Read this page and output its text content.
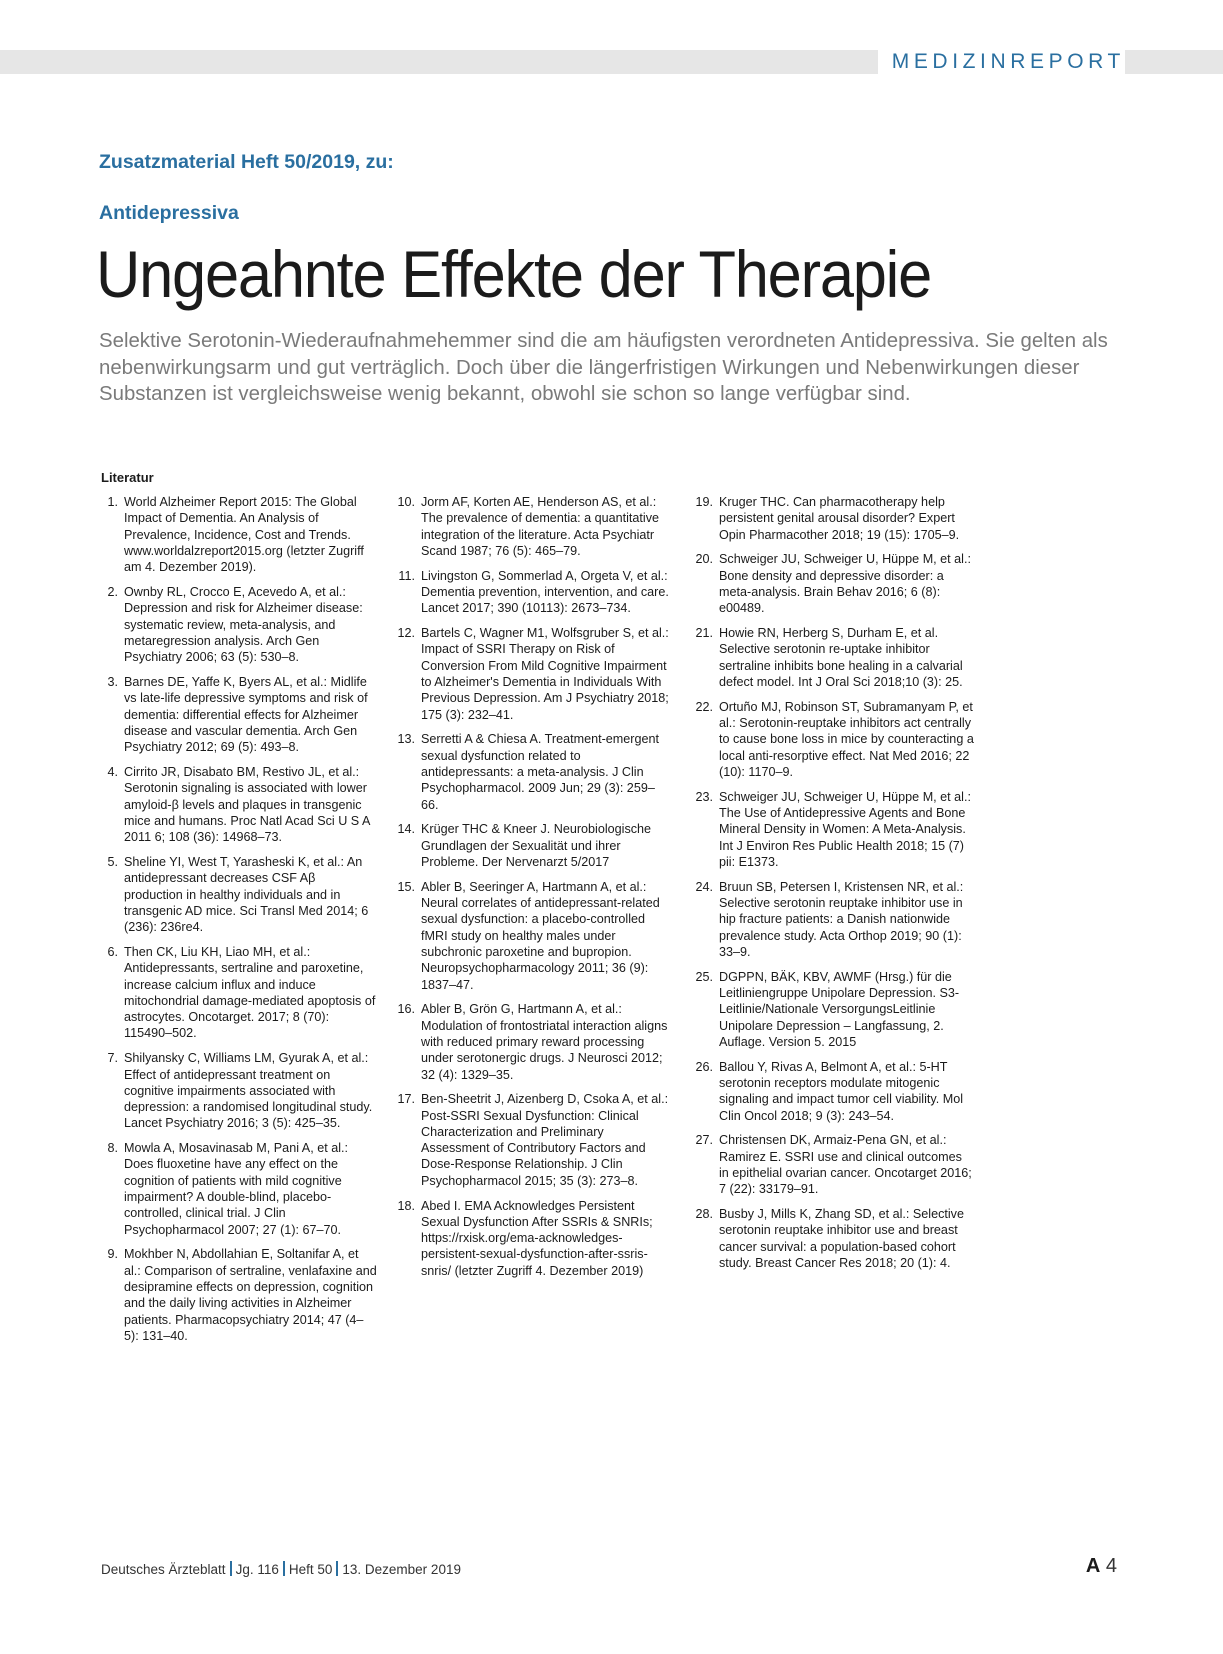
MEDIZINREPORT
Zusatzmaterial Heft 50/2019, zu:
Antidepressiva
Ungeahnte Effekte der Therapie
Selektive Serotonin-Wiederaufnahmehemmer sind die am häufigsten verordneten Antidepressiva. Sie gelten als nebenwirkungsarm und gut verträglich. Doch über die längerfristigen Wirkungen und Nebenwirkungen dieser Substanzen ist vergleichsweise wenig bekannt, obwohl sie schon so lange verfügbar sind.
Literatur
1. World Alzheimer Report 2015: The Global Impact of Dementia. An Analysis of Prevalence, Incidence, Cost and Trends. www.worldalzreport2015.org (letzter Zugriff am 4. Dezember 2019).
2. Ownby RL, Crocco E, Acevedo A, et al.: Depression and risk for Alzheimer disease: systematic review, meta-analysis, and metaregression analysis. Arch Gen Psychiatry 2006; 63 (5): 530–8.
3. Barnes DE, Yaffe K, Byers AL, et al.: Midlife vs late-life depressive symptoms and risk of dementia: differential effects for Alzheimer disease and vascular dementia. Arch Gen Psychiatry 2012; 69 (5): 493–8.
4. Cirrito JR, Disabato BM, Restivo JL, et al.: Serotonin signaling is associated with lower amyloid-β levels and plaques in transgenic mice and humans. Proc Natl Acad Sci U S A 2011 6; 108 (36): 14968–73.
5. Sheline YI, West T, Yarasheski K, et al.: An antidepressant decreases CSF Aβ production in healthy individuals and in transgenic AD mice. Sci Transl Med 2014; 6 (236): 236re4.
6. Then CK, Liu KH, Liao MH, et al.: Antidepressants, sertraline and paroxetine, increase calcium influx and induce mitochondrial damage-mediated apoptosis of astrocytes. Oncotarget. 2017; 8 (70): 115490–502.
7. Shilyansky C, Williams LM, Gyurak A, et al.: Effect of antidepressant treatment on cognitive impairments associated with depression: a randomised longitudinal study. Lancet Psychiatry 2016; 3 (5): 425–35.
8. Mowla A, Mosavinasab M, Pani A, et al.: Does fluoxetine have any effect on the cognition of patients with mild cognitive impairment? A double-blind, placebo-controlled, clinical trial. J Clin Psychopharmacol 2007; 27 (1): 67–70.
9. Mokhber N, Abdollahian E, Soltanifar A, et al.: Comparison of sertraline, venlafaxine and desipramine effects on depression, cognition and the daily living activities in Alzheimer patients. Pharmacopsychiatry 2014; 47 (4–5): 131–40.
10. Jorm AF, Korten AE, Henderson AS, et al.: The prevalence of dementia: a quantitative integration of the literature. Acta Psychiatr Scand 1987; 76 (5): 465–79.
11. Livingston G, Sommerlad A, Orgeta V, et al.: Dementia prevention, intervention, and care. Lancet 2017; 390 (10113): 2673–734.
12. Bartels C, Wagner M1, Wolfsgruber S, et al.: Impact of SSRI Therapy on Risk of Conversion From Mild Cognitive Impairment to Alzheimer's Dementia in Individuals With Previous Depression. Am J Psychiatry 2018; 175 (3): 232–41.
13. Serretti A & Chiesa A. Treatment-emergent sexual dysfunction related to antidepressants: a meta-analysis. J Clin Psychopharmacol. 2009 Jun; 29 (3): 259–66.
14. Krüger THC & Kneer J. Neurobiologische Grundlagen der Sexualität und ihrer Probleme. Der Nervenarzt 5/2017
15. Abler B, Seeringer A, Hartmann A, et al.: Neural correlates of antidepressant-related sexual dysfunction: a placebo-controlled fMRI study on healthy males under subchronic paroxetine and bupropion. Neuropsychopharmacology 2011; 36 (9): 1837–47.
16. Abler B, Grön G, Hartmann A, et al.: Modulation of frontostriatal interaction aligns with reduced primary reward processing under serotonergic drugs. J Neurosci 2012; 32 (4): 1329–35.
17. Ben-Sheetrit J, Aizenberg D, Csoka A, et al.: Post-SSRI Sexual Dysfunction: Clinical Characterization and Preliminary Assessment of Contributory Factors and Dose-Response Relationship. J Clin Psychopharmacol 2015; 35 (3): 273–8.
18. Abed I. EMA Acknowledges Persistent Sexual Dysfunction After SSRIs & SNRIs; https://rxisk.org/ema-acknowledges-persistent-sexual-dysfunction-after-ssris-snris/ (letzter Zugriff 4. Dezember 2019)
19. Kruger THC. Can pharmacotherapy help persistent genital arousal disorder? Expert Opin Pharmacother 2018; 19 (15): 1705–9.
20. Schweiger JU, Schweiger U, Hüppe M, et al.: Bone density and depressive disorder: a meta-analysis. Brain Behav 2016; 6 (8): e00489.
21. Howie RN, Herberg S, Durham E, et al. Selective serotonin re-uptake inhibitor sertraline inhibits bone healing in a calvarial defect model. Int J Oral Sci 2018;10 (3): 25.
22. Ortuño MJ, Robinson ST, Subramanyam P, et al.: Serotonin-reuptake inhibitors act centrally to cause bone loss in mice by counteracting a local anti-resorptive effect. Nat Med 2016; 22 (10): 1170–9.
23. Schweiger JU, Schweiger U, Hüppe M, et al.: The Use of Antidepressive Agents and Bone Mineral Density in Women: A Meta-Analysis. Int J Environ Res Public Health 2018; 15 (7) pii: E1373.
24. Bruun SB, Petersen I, Kristensen NR, et al.: Selective serotonin reuptake inhibitor use in hip fracture patients: a Danish nationwide prevalence study. Acta Orthop 2019; 90 (1): 33–9.
25. DGPPN, BÄK, KBV, AWMF (Hrsg.) für die Leitliniengruppe Unipolare Depression. S3-Leitlinie/Nationale VersorgungsLeitlinie Unipolare Depression – Langfassung, 2. Auflage. Version 5. 2015
26. Ballou Y, Rivas A, Belmont A, et al.: 5-HT serotonin receptors modulate mitogenic signaling and impact tumor cell viability. Mol Clin Oncol 2018; 9 (3): 243–54.
27. Christensen DK, Armaiz-Pena GN, et al.: Ramirez E. SSRI use and clinical outcomes in epithelial ovarian cancer. Oncotarget 2016; 7 (22): 33179–91.
28. Busby J, Mills K, Zhang SD, et al.: Selective serotonin reuptake inhibitor use and breast cancer survival: a population-based cohort study. Breast Cancer Res 2018; 20 (1): 4.
Deutsches Ärzteblatt Jg. 116 Heft 50 13. Dezember 2019	A 4
